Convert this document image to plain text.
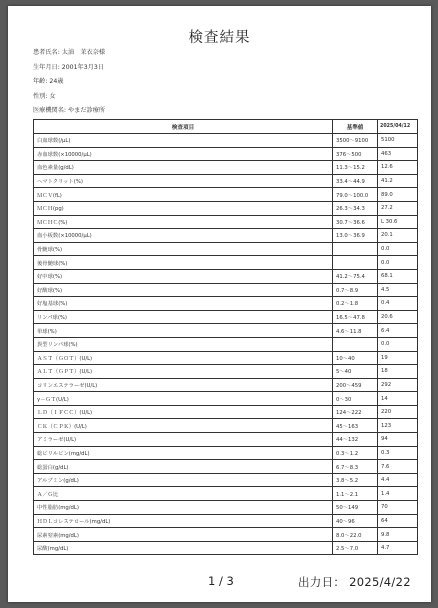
検査結果
患者氏名: 太油　茉衣奈様
生年月日: 2001年3月3日
年齢: 24歳
性別: 女
医療機関名: やまだ診療所
検査項目	基準値	2025/04/12
白血球数(/μL)	3500～9100	5100
赤血球数(×10000/μL)	376～500	463
血色素量(g/dL)	11.3～15.2	12.6
ヘマトクリット(%)	33.4～44.9	41.2
ＭＣＶ(fL)	79.0～100.0	89.0
ＭＣＨ(pg)	26.3～34.3	27.2
ＭＣＨＣ(%)	30.7～36.6	L 30.6
血小板数(×10000/μL)	13.0～36.9	20.1
骨髄球(%)		0.0
後骨髄球(%)		0.0
好中球(%)	41.2～75.4	68.1
好酸球(%)	0.7～8.9	4.5
好塩基球(%)	0.2～1.8	0.4
リンパ球(%)	16.5～47.8	20.6
単球(%)	4.6～11.8	6.4
異型リンパ球(%)		0.0
ＡＳＴ（ＧＯＴ）(U/L)	10～40	19
ＡＬＴ（ＧＰＴ）(U/L)	5～40	18
コリンエステラーゼ(U/L)	200～459	292
γ－ＧＴ(U/L)	0～30	14
ＬＤ（ＩＦＣＣ）(U/L)	124～222	220
ＣＫ（ＣＰＫ）(U/L)	45～163	123
アミラーゼ(U/L)	44～132	94
総ビリルビン(mg/dL)	0.3～1.2	0.3
総蛋白(g/dL)	6.7～8.3	7.6
アルブミン(g/dL)	3.8～5.2	4.4
Ａ／Ｇ比	1.1～2.1	1.4
中性脂肪(mg/dL)	50～149	70
ＨＤＬコレステロール(mg/dL)	40～96	64
尿素窒素(mg/dL)	8.0～22.0	9.8
尿酸(mg/dL)	2.5～7.0	4.7
1 / 3	出力日： 2025/4/22
